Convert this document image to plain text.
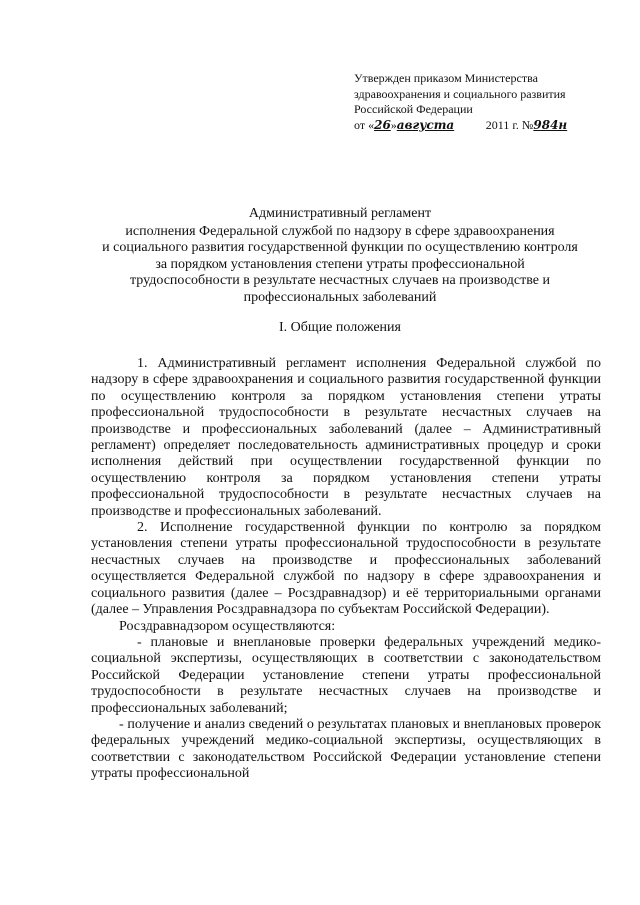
Утвержден приказом Министерства
здравоохранения и социального развития
Российской Федерации
от «26»августа	2011 г. №984н
Административный регламент
исполнения Федеральной службой по надзору в сфере здравоохранения
и социального развития государственной функции по осуществлению контроля
за порядком установления степени утраты профессиональной
трудоспособности в результате несчастных случаев на производстве и
профессиональных заболеваний
I. Общие положения

1. Административный регламент исполнения Федеральной службой по надзору в сфере здравоохранения и социального развития государственной функции по осуществлению контроля за порядком установления степени утраты профессиональной трудоспособности в результате несчастных случаев на производстве и профессиональных заболеваний (далее – Административный регламент) определяет последовательность административных процедур и сроки исполнения действий при осуществлении государственной функции по осуществлению контроля за порядком установления степени утраты профессиональной трудоспособности в результате несчастных случаев на производстве и профессиональных заболеваний.

2. Исполнение государственной функции по контролю за порядком установления степени утраты профессиональной трудоспособности в результате несчастных случаев на производстве и профессиональных заболеваний осуществляется Федеральной службой по надзору в сфере здравоохранения и социального развития (далее – Росздравнадзор) и её территориальными органами (далее – Управления Росздравнадзора по субъектам Российской Федерации).

Росздравнадзором осуществляются:

- плановые и внеплановые проверки федеральных учреждений медико-социальной экспертизы, осуществляющих в соответствии с законодательством Российской Федерации установление степени утраты профессиональной трудоспособности в результате несчастных случаев на производстве и профессиональных заболеваний;

- получение и анализ сведений о результатах плановых и внеплановых проверок федеральных учреждений медико-социальной экспертизы, осуществляющих в соответствии с законодательством Российской Федерации установление степени утраты профессиональной
